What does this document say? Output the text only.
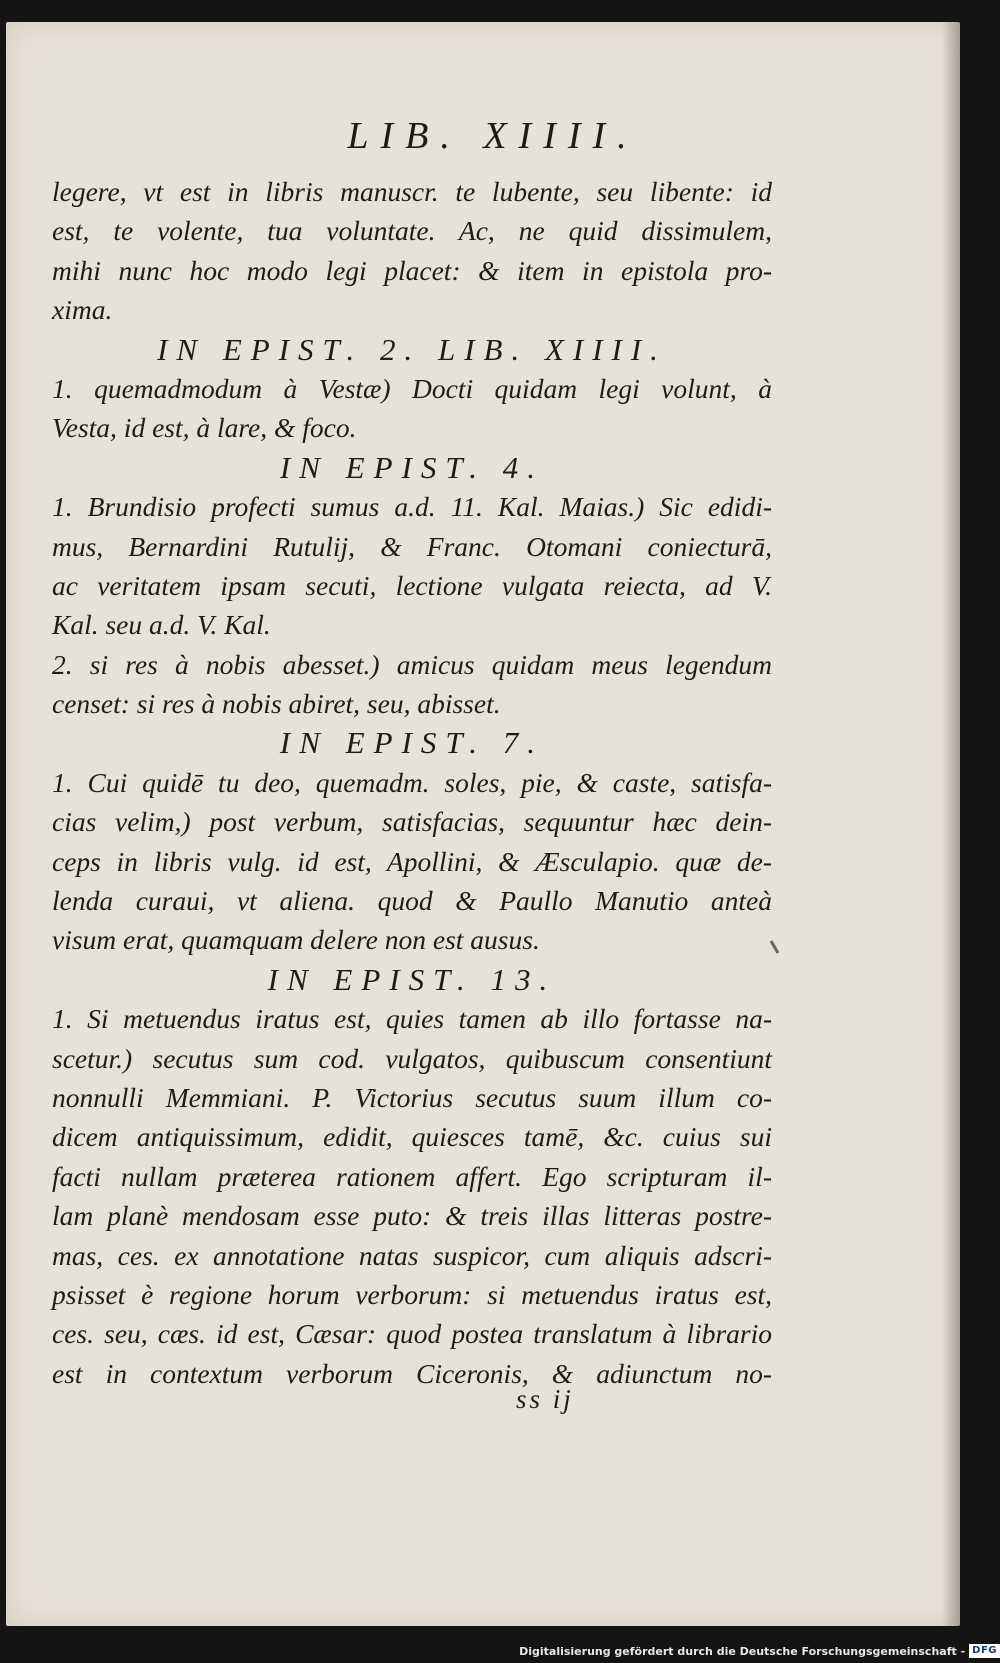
LIB. XIIII.
legere, vt est in libris manuscr. te lubente, seu libente: id
est, te volente, tua voluntate. Ac, ne quid dissimulem,
mihi nunc hoc modo legi placet: & item in epistola pro-
xima.
IN EPIST. 2. LIB. XIIII.
1. quemadmodum à Vestæ) Docti quidam legi volunt, à
Vesta, id est, à lare, & foco.
IN EPIST. 4.
1. Brundisio profecti sumus a.d. 11. Kal. Maias.) Sic edidi-
mus, Bernardini Rutulij, & Franc. Otomani coniecturā,
ac veritatem ipsam secuti, lectione vulgata reiecta, ad V.
Kal. seu a.d. V. Kal.
2. si res à nobis abesset.) amicus quidam meus legendum
censet: si res à nobis abiret, seu, abisset.
IN EPIST. 7.
1. Cui quidē tu deo, quemadm. soles, pie, & caste, satisfa-
cias velim,) post verbum, satisfacias, sequuntur hæc dein-
ceps in libris vulg. id est, Apollini, & Æsculapio. quæ de-
lenda curaui, vt aliena. quod & Paullo Manutio anteà
visum erat, quamquam delere non est ausus.
IN EPIST. 13.
1. Si metuendus iratus est, quies tamen ab illo fortasse na-
scetur.) secutus sum cod. vulgatos, quibuscum consentiunt
nonnulli Memmiani. P. Victorius secutus suum illum co-
dicem antiquissimum, edidit, quiesces tamē, &c. cuius sui
facti nullam præterea rationem affert. Ego scripturam il-
lam planè mendosam esse puto: & treis illas litteras postre-
mas, ces. ex annotatione natas suspicor, cum aliquis adscri-
psisset è regione horum verborum: si metuendus iratus est,
ces. seu, cæs. id est, Cæsar: quod postea translatum à librario
est in contextum verborum Ciceronis, & adiunctum no-
ss ij
Digitalisierung gefördert durch die Deutsche Forschungsgemeinschaft - DFG
